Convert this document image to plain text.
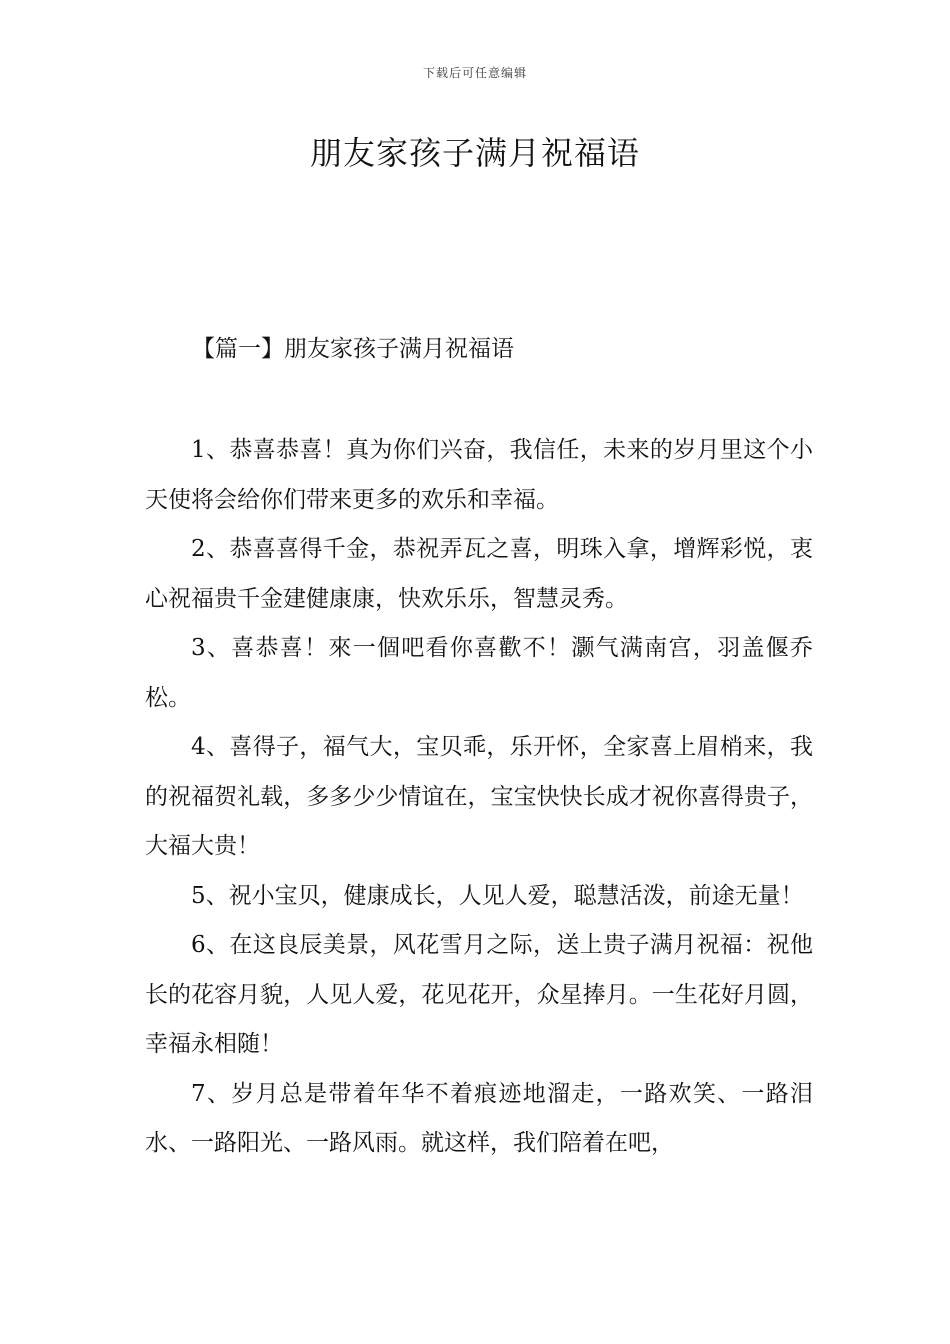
下载后可任意编辑
朋友家孩子满月祝福语
【篇一】朋友家孩子满月祝福语

1、恭喜恭喜！真为你们兴奋，我信任，未来的岁月里这个小天使将会给你们带来更多的欢乐和幸福。

2、恭喜喜得千金，恭祝弄瓦之喜，明珠入拿，增辉彩悦，衷心祝福贵千金建健康康，快欢乐乐，智慧灵秀。

3、喜恭喜！來一個吧看你喜歡不！灏气满南宫，羽盖偃乔松。

4、喜得子，福气大，宝贝乖，乐开怀，全家喜上眉梢来，我的祝福贺礼载，多多少少情谊在，宝宝快快长成才祝你喜得贵子，大福大贵！

5、祝小宝贝，健康成长，人见人爱，聪慧活泼，前途无量！

6、在这良辰美景，风花雪月之际，送上贵子满月祝福：祝他长的花容月貌，人见人爱，花见花开，众星捧月。一生花好月圆，幸福永相随！

7、岁月总是带着年华不着痕迹地溜走，一路欢笑、一路泪水、一路阳光、一路风雨。就这样，我们陪着在吧，
